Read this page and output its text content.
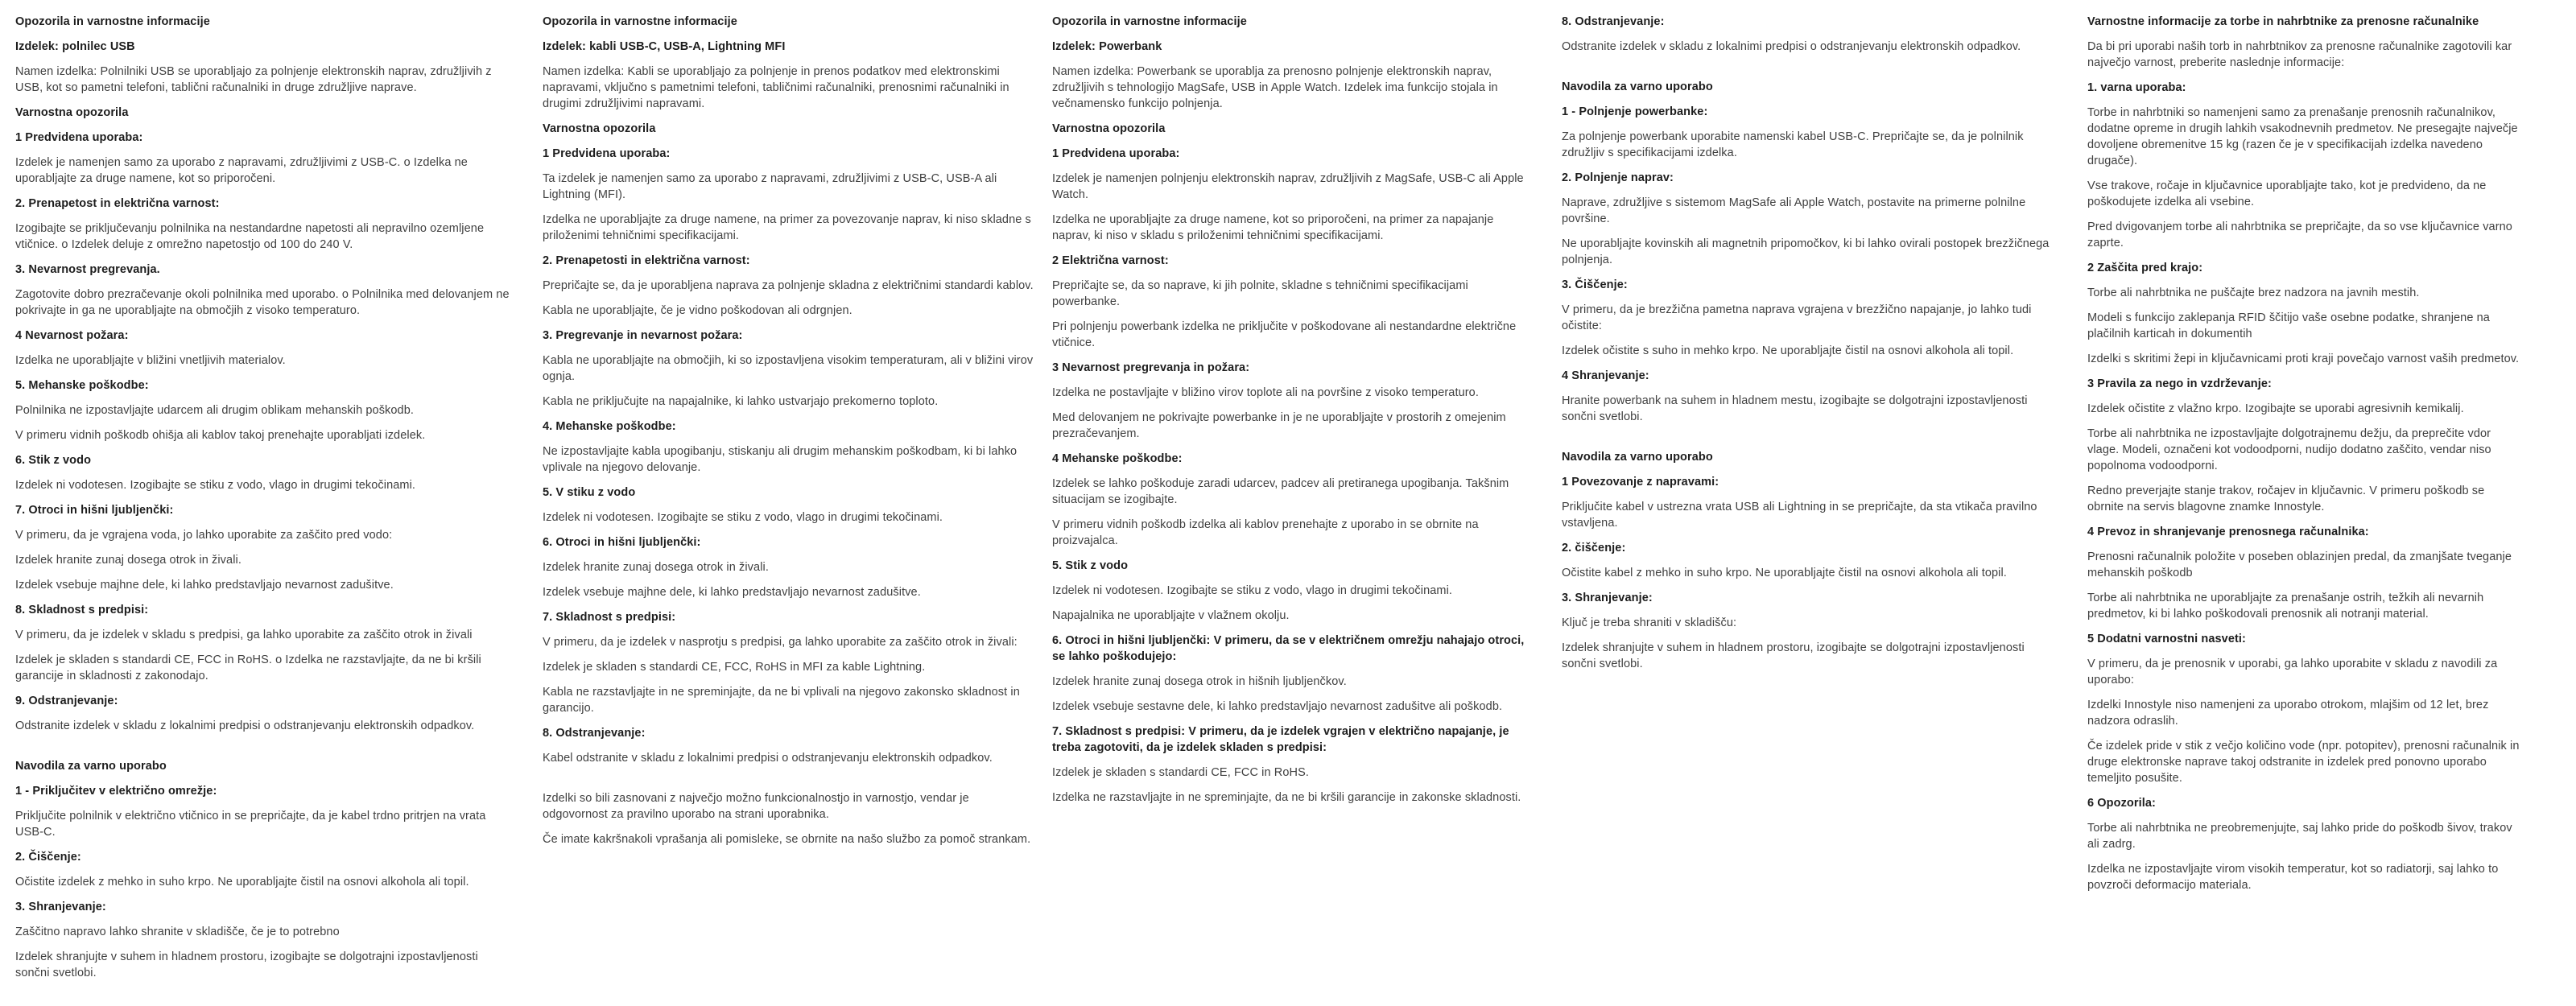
Opozorila in varnostne informacije

Izdelek: polnilec USB

Namen izdelka: Polnilniki USB se uporabljajo za polnjenje elektronskih naprav, združljivih z USB, kot so pametni telefoni, tablični računalniki in druge združljive naprave.

Varnostna opozorila

1 Predvidena uporaba:

Izdelek je namenjen samo za uporabo z napravami, združljivimi z USB-C. o Izdelka ne uporabljajte za druge namene, kot so priporočeni.

2. Prenapetost in električna varnost:

Izogibajte se priključevanju polnilnika na nestandardne napetosti ali nepravilno ozemljene vtičnice. o Izdelek deluje z omrežno napetostjo od 100 do 240 V.

3. Nevarnost pregrevanja.

Zagotovite dobro prezračevanje okoli polnilnika med uporabo. o Polnilnika med delovanjem ne pokrivajte in ga ne uporabljajte na območjih z visoko temperaturo.

4 Nevarnost požara:

Izdelka ne uporabljajte v bližini vnetljivih materialov.

5. Mehanske poškodbe:

Polnilnika ne izpostavljajte udarcem ali drugim oblikam mehanskih poškodb.

V primeru vidnih poškodb ohišja ali kablov takoj prenehajte uporabljati izdelek.

6. Stik z vodo

Izdelek ni vodotesen. Izogibajte se stiku z vodo, vlago in drugimi tekočinami.

7. Otroci in hišni ljubljenčki:

V primeru, da je vgrajena voda, jo lahko uporabite za zaščito pred vodo:

Izdelek hranite zunaj dosega otrok in živali.

Izdelek vsebuje majhne dele, ki lahko predstavljajo nevarnost zadušitve.

8. Skladnost s predpisi:

V primeru, da je izdelek v skladu s predpisi, ga lahko uporabite za zaščito otrok in živali

Izdelek je skladen s standardi CE, FCC in RoHS. o Izdelka ne razstavljajte, da ne bi kršili garancije in skladnosti z zakonodajo.

9. Odstranjevanje:

Odstranite izdelek v skladu z lokalnimi predpisi o odstranjevanju elektronskih odpadkov.

Navodila za varno uporabo

1 - Priključitev v električno omrežje:

Priključite polnilnik v električno vtičnico in se prepričajte, da je kabel trdno pritrjen na vrata USB-C.

2. Čiščenje:

Očistite izdelek z mehko in suho krpo. Ne uporabljajte čistil na osnovi alkohola ali topil.

3. Shranjevanje:

Zaščitno napravo lahko shranite v skladišče, če je to potrebno

Izdelek shranjujte v suhem in hladnem prostoru, izogibajte se dolgotrajni izpostavljenosti sončni svetlobi.

Opozorila in varnostne informacije

Izdelek: kabli USB-C, USB-A, Lightning MFI

Namen izdelka: Kabli se uporabljajo za polnjenje in prenos podatkov med elektronskimi napravami, vključno s pametnimi telefoni, tabličnimi računalniki, prenosnimi računalniki in drugimi združljivimi napravami.

Varnostna opozorila

1 Predvidena uporaba:

Ta izdelek je namenjen samo za uporabo z napravami, združljivimi z USB-C, USB-A ali Lightning (MFI).

Izdelka ne uporabljajte za druge namene, na primer za povezovanje naprav, ki niso skladne s priloženimi tehničnimi specifikacijami.

2. Prenapetosti in električna varnost:

Prepričajte se, da je uporabljena naprava za polnjenje skladna z električnimi standardi kablov.

Kabla ne uporabljajte, če je vidno poškodovan ali odrgnjen.

3. Pregrevanje in nevarnost požara:

Kabla ne uporabljajte na območjih, ki so izpostavljena visokim temperaturam, ali v bližini virov ognja.

Kabla ne priključujte na napajalnike, ki lahko ustvarjajo prekomerno toploto.

4. Mehanske poškodbe:

Ne izpostavljajte kabla upogibanju, stiskanju ali drugim mehanskim poškodbam, ki bi lahko vplivale na njegovo delovanje.

5. V stiku z vodo

Izdelek ni vodotesen. Izogibajte se stiku z vodo, vlago in drugimi tekočinami.

6. Otroci in hišni ljubljenčki:

Izdelek hranite zunaj dosega otrok in živali.

Izdelek vsebuje majhne dele, ki lahko predstavljajo nevarnost zadušitve.

7. Skladnost s predpisi:

V primeru, da je izdelek v nasprotju s predpisi, ga lahko uporabite za zaščito otrok in živali:

Izdelek je skladen s standardi CE, FCC, RoHS in MFI za kable Lightning.

Kabla ne razstavljajte in ne spreminjajte, da ne bi vplivali na njegovo zakonsko skladnost in garancijo.

8. Odstranjevanje:

Kabel odstranite v skladu z lokalnimi predpisi o odstranjevanju elektronskih odpadkov.

Izdelki so bili zasnovani z največjo možno funkcionalnostjo in varnostjo, vendar je odgovornost za pravilno uporabo na strani uporabnika.

Če imate kakršnakoli vprašanja ali pomisleke, se obrnite na našo službo za pomoč strankam.

Opozorila in varnostne informacije

Izdelek: Powerbank

Namen izdelka: Powerbank se uporablja za prenosno polnjenje elektronskih naprav, združljivih s tehnologijo MagSafe, USB in Apple Watch. Izdelek ima funkcijo stojala in večnamensko funkcijo polnjenja.

Varnostna opozorila

1 Predvidena uporaba:

Izdelek je namenjen polnjenju elektronskih naprav, združljivih z MagSafe, USB-C ali Apple Watch.

Izdelka ne uporabljajte za druge namene, kot so priporočeni, na primer za napajanje naprav, ki niso v skladu s priloženimi tehničnimi specifikacijami.

2 Električna varnost:

Prepričajte se, da so naprave, ki jih polnite, skladne s tehničnimi specifikacijami powerbanke.

Pri polnjenju powerbank izdelka ne priključite v poškodovane ali nestandardne električne vtičnice.

3 Nevarnost pregrevanja in požara:

Izdelka ne postavljajte v bližino virov toplote ali na površine z visoko temperaturo.

Med delovanjem ne pokrivajte powerbanke in je ne uporabljajte v prostorih z omejenim prezračevanjem.

4 Mehanske poškodbe:

Izdelek se lahko poškoduje zaradi udarcev, padcev ali pretiranega upogibanja. Takšnim situacijam se izogibajte.

V primeru vidnih poškodb izdelka ali kablov prenehajte z uporabo in se obrnite na proizvajalca.

5. Stik z vodo

Izdelek ni vodotesen. Izogibajte se stiku z vodo, vlago in drugimi tekočinami.

Napajalnika ne uporabljajte v vlažnem okolju.

6. Otroci in hišni ljubljenčki: V primeru, da se v električnem omrežju nahajajo otroci, se lahko poškodujejo:

Izdelek hranite zunaj dosega otrok in hišnih ljubljenčkov.

Izdelek vsebuje sestavne dele, ki lahko predstavljajo nevarnost zadušitve ali poškodb.

7. Skladnost s predpisi: V primeru, da je izdelek vgrajen v električno napajanje, je treba zagotoviti, da je izdelek skladen s predpisi:

Izdelek je skladen s standardi CE, FCC in RoHS.

Izdelka ne razstavljajte in ne spreminjajte, da ne bi kršili garancije in zakonske skladnosti.

8. Odstranjevanje:

Odstranite izdelek v skladu z lokalnimi predpisi o odstranjevanju elektronskih odpadkov.

Navodila za varno uporabo

1 - Polnjenje powerbanke:

Za polnjenje powerbank uporabite namenski kabel USB-C. Prepričajte se, da je polnilnik združljiv s specifikacijami izdelka.

2. Polnjenje naprav:

Naprave, združljive s sistemom MagSafe ali Apple Watch, postavite na primerne polnilne površine.

Ne uporabljajte kovinskih ali magnetnih pripomočkov, ki bi lahko ovirali postopek brezžičnega polnjenja.

3. Čiščenje:

V primeru, da je brezžična pametna naprava vgrajena v brezžično napajanje, jo lahko tudi očistite:

Izdelek očistite s suho in mehko krpo. Ne uporabljajte čistil na osnovi alkohola ali topil.

4 Shranjevanje:

Hranite powerbank na suhem in hladnem mestu, izogibajte se dolgotrajni izpostavljenosti sončni svetlobi.

Navodila za varno uporabo

1 Povezovanje z napravami:

Priključite kabel v ustrezna vrata USB ali Lightning in se prepričajte, da sta vtikača pravilno vstavljena.

2. čiščenje:

Očistite kabel z mehko in suho krpo. Ne uporabljajte čistil na osnovi alkohola ali topil.

3. Shranjevanje:

Ključ je treba shraniti v skladišču:

Izdelek shranjujte v suhem in hladnem prostoru, izogibajte se dolgotrajni izpostavljenosti sončni svetlobi.

Varnostne informacije za torbe in nahrbtnike za prenosne računalnike

Da bi pri uporabi naših torb in nahrbtnikov za prenosne računalnike zagotovili kar največjo varnost, preberite naslednje informacije:

1. varna uporaba:

Torbe in nahrbtniki so namenjeni samo za prenašanje prenosnih računalnikov, dodatne opreme in drugih lahkih vsakodnevnih predmetov. Ne presegajte največje dovoljene obremenitve 15 kg (razen če je v specifikacijah izdelka navedeno drugače).

Vse trakove, ročaje in ključavnice uporabljajte tako, kot je predvideno, da ne poškodujete izdelka ali vsebine.

Pred dvigovanjem torbe ali nahrbtnika se prepričajte, da so vse ključavnice varno zaprte.

2 Zaščita pred krajo:

Torbe ali nahrbtnika ne puščajte brez nadzora na javnih mestih.

Modeli s funkcijo zaklepanja RFID ščitijo vaše osebne podatke, shranjene na plačilnih karticah in dokumentih

Izdelki s skritimi žepi in ključavnicami proti kraji povečajo varnost vaših predmetov.

3 Pravila za nego in vzdrževanje:

Izdelek očistite z vlažno krpo. Izogibajte se uporabi agresivnih kemikalij.

Torbe ali nahrbtnika ne izpostavljajte dolgotrajnemu dežju, da preprečite vdor vlage. Modeli, označeni kot vodoodporni, nudijo dodatno zaščito, vendar niso popolnoma vodoodporni.

Redno preverjajte stanje trakov, ročajev in ključavnic. V primeru poškodb se obrnite na servis blagovne znamke Innostyle.

4 Prevoz in shranjevanje prenosnega računalnika:

Prenosni računalnik položite v poseben oblazinjen predal, da zmanjšate tveganje mehanskih poškodb

Torbe ali nahrbtnika ne uporabljajte za prenašanje ostrih, težkih ali nevarnih predmetov, ki bi lahko poškodovali prenosnik ali notranji material.

5 Dodatni varnostni nasveti:

V primeru, da je prenosnik v uporabi, ga lahko uporabite v skladu z navodili za uporabo:

Izdelki Innostyle niso namenjeni za uporabo otrokom, mlajšim od 12 let, brez nadzora odraslih.

Če izdelek pride v stik z večjo količino vode (npr. potopitev), prenosni računalnik in druge elektronske naprave takoj odstranite in izdelek pred ponovno uporabo temeljito posušite.

6 Opozorila:

Torbe ali nahrbtnika ne preobremenjujte, saj lahko pride do poškodb šivov, trakov ali zadrg.

Izdelka ne izpostavljajte virom visokih temperatur, kot so radiatorji, saj lahko to povzroči deformacijo materiala.
